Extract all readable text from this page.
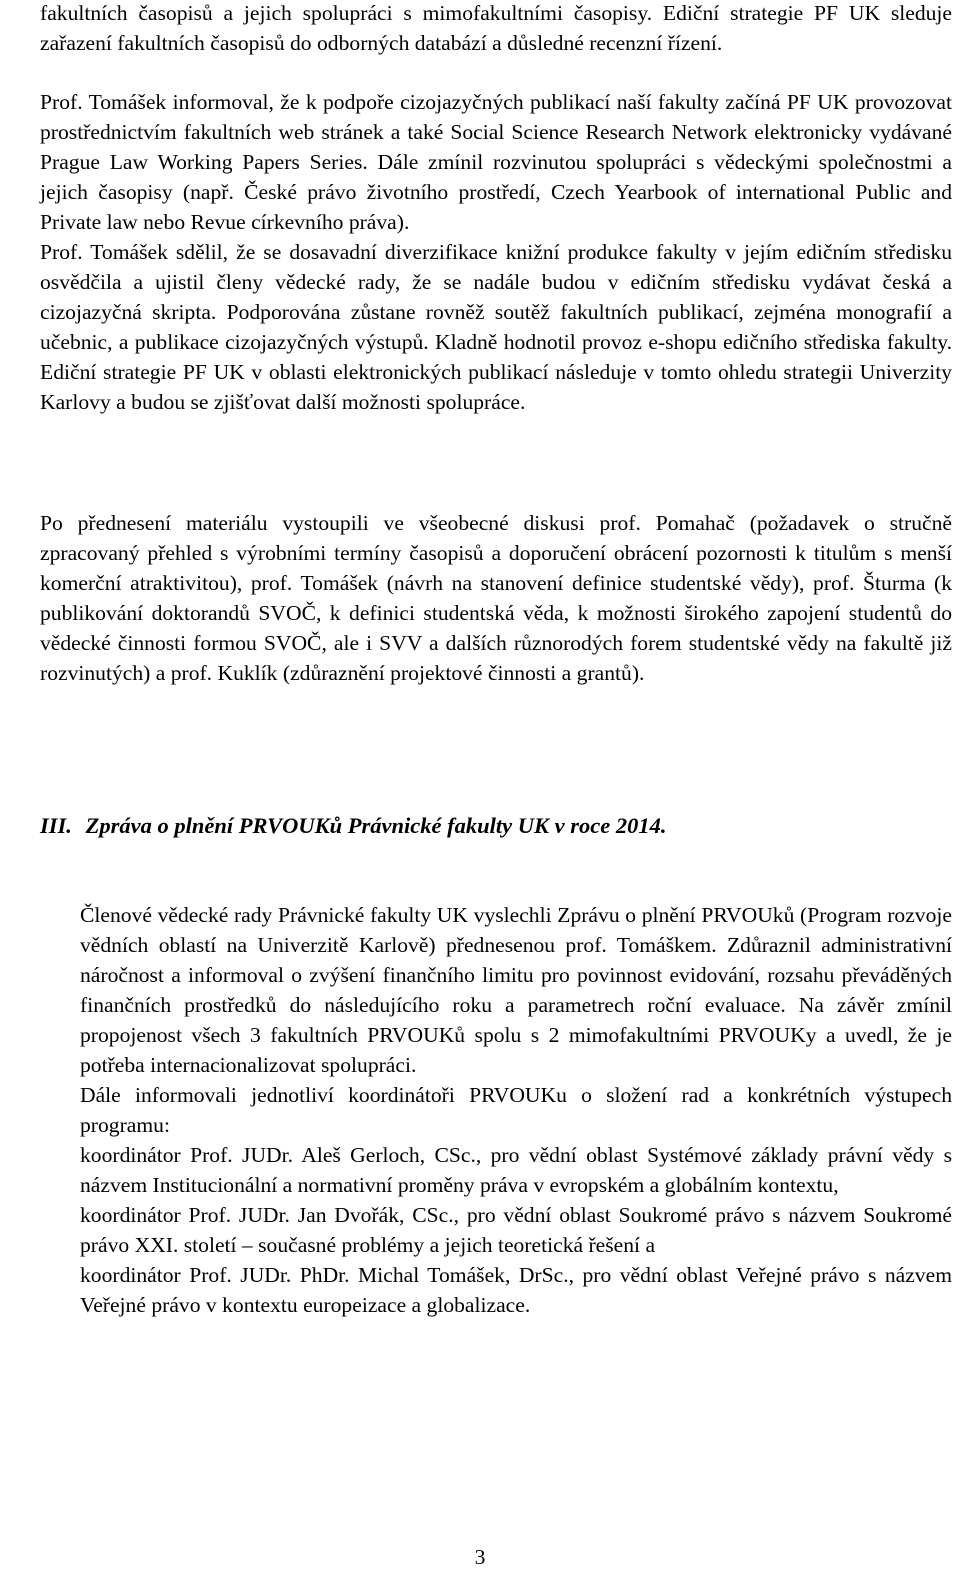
fakultních časopisů a jejich spolupráci s mimofakultními časopisy. Ediční strategie PF UK sleduje zařazení fakultních časopisů do odborných databází a důsledné recenzní řízení.

Prof. Tomášek informoval, že k podpoře cizojazyčných publikací naší fakulty začíná PF UK provozovat prostřednictvím fakultních web stránek a také Social Science Research Network elektronicky vydávané Prague Law Working Papers Series. Dále zmínil rozvinutou spolupráci s vědeckými společnostmi a jejich časopisy (např. České právo životního prostředí, Czech Yearbook of international Public and Private law nebo Revue církevního práva).

Prof. Tomášek sdělil, že se dosavadní diverzifikace knižní produkce fakulty v jejím edičním středisku osvědčila a ujistil členy vědecké rady, že se nadále budou v edičním středisku vydávat česká a cizojazyčná skripta. Podporována zůstane rovněž soutěž fakultních publikací, zejména monografií a učebnic, a publikace cizojazyčných výstupů. Kladně hodnotil provoz e-shopu edičního střediska fakulty. Ediční strategie PF UK v oblasti elektronických publikací následuje v tomto ohledu strategii Univerzity Karlovy a budou se zjišťovat další možnosti spolupráce.

Po přednesení materiálu vystoupili ve všeobecné diskusi prof. Pomahač (požadavek o stručně zpracovaný přehled s výrobními termíny časopisů a doporučení obrácení pozornosti k titulům s menší komerční atraktivitou), prof. Tomášek (návrh na stanovení definice studentské vědy), prof. Šturma (k publikování doktorandů SVOČ, k definici studentská věda, k možnosti širokého zapojení studentů do vědecké činnosti formou SVOČ, ale i SVV a dalších různorodých forem studentské vědy na fakultě již rozvinutých) a prof. Kuklík (zdůraznění projektové činnosti a grantů).

III. Zpráva o plnění PRVOUKů Právnické fakulty UK v roce 2014.

Členové vědecké rady Právnické fakulty UK vyslechli Zprávu o plnění PRVOUků (Program rozvoje vědních oblastí na Univerzitě Karlově) přednesenou prof. Tomáškem. Zdůraznil administrativní náročnost a informoval o zvýšení finančního limitu pro povinnost evidování, rozsahu převáděných finančních prostředků do následujícího roku a parametrech roční evaluace. Na závěr zmínil propojenost všech 3 fakultních PRVOUKů spolu s 2 mimofakultními PRVOUKy a uvedl, že je potřeba internacionalizovat spolupráci.

Dále informovali jednotliví koordinátoři PRVOUKu o složení rad a konkrétních výstupech programu:

koordinátor Prof. JUDr. Aleš Gerloch, CSc., pro vědní oblast Systémové základy právní vědy s názvem Institucionální a normativní proměny práva v evropském a globálním kontextu,

koordinátor Prof. JUDr. Jan Dvořák, CSc., pro vědní oblast Soukromé právo s názvem Soukromé právo XXI. století – současné problémy a jejich teoretická řešení a

koordinátor Prof. JUDr. PhDr. Michal Tomášek, DrSc., pro vědní oblast Veřejné právo s názvem Veřejné právo v kontextu europeizace a globalizace.

3
